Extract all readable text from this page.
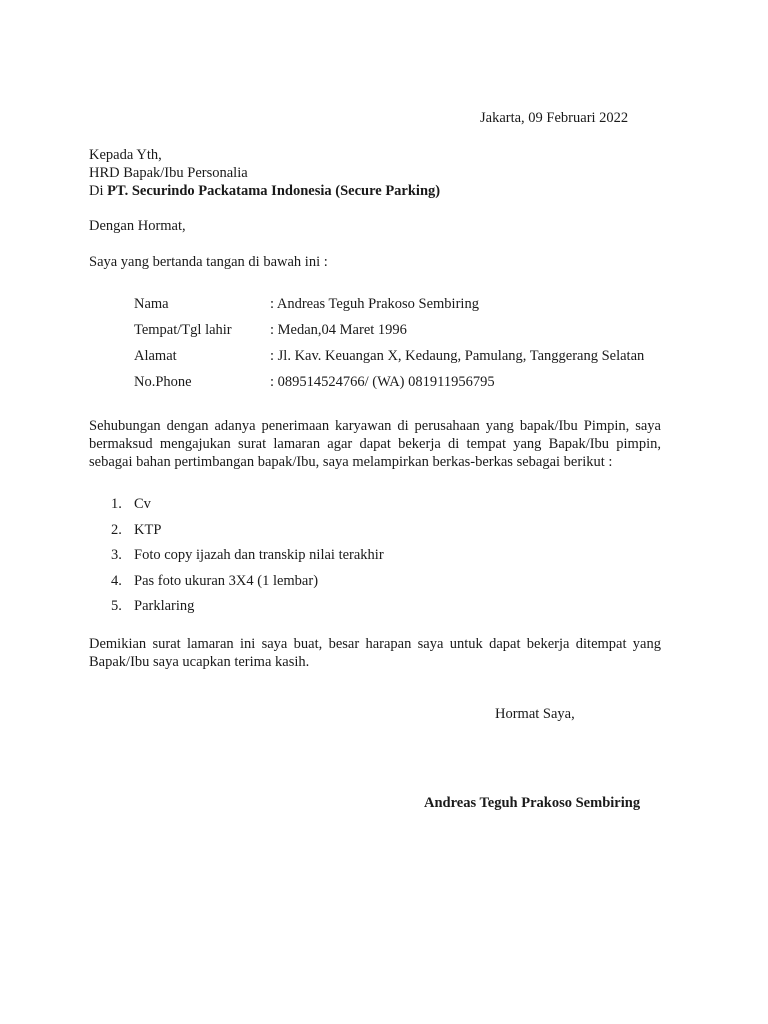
Jakarta, 09 Februari 2022
Kepada Yth,
HRD Bapak/Ibu Personalia
Di PT. Securindo Packatama Indonesia (Secure Parking)
Dengan Hormat,
Saya yang bertanda tangan di bawah ini :
Nama	: Andreas Teguh Prakoso Sembiring
Tempat/Tgl lahir	: Medan,04 Maret 1996
Alamat	: Jl. Kav. Keuangan X, Kedaung, Pamulang, Tanggerang Selatan
No.Phone	: 089514524766/ (WA) 081911956795
Sehubungan dengan adanya penerimaan karyawan di perusahaan yang bapak/Ibu Pimpin, saya bermaksud mengajukan surat lamaran agar dapat bekerja di tempat yang Bapak/Ibu pimpin, sebagai bahan pertimbangan bapak/Ibu, saya melampirkan berkas-berkas sebagai berikut :
1. Cv
2. KTP
3. Foto copy ijazah dan transkip nilai terakhir
4. Pas foto ukuran 3X4 (1 lembar)
5. Parklaring
Demikian surat lamaran ini saya buat, besar harapan saya untuk dapat bekerja ditempat yang Bapak/Ibu saya ucapkan terima kasih.
Hormat Saya,
Andreas Teguh Prakoso Sembiring
